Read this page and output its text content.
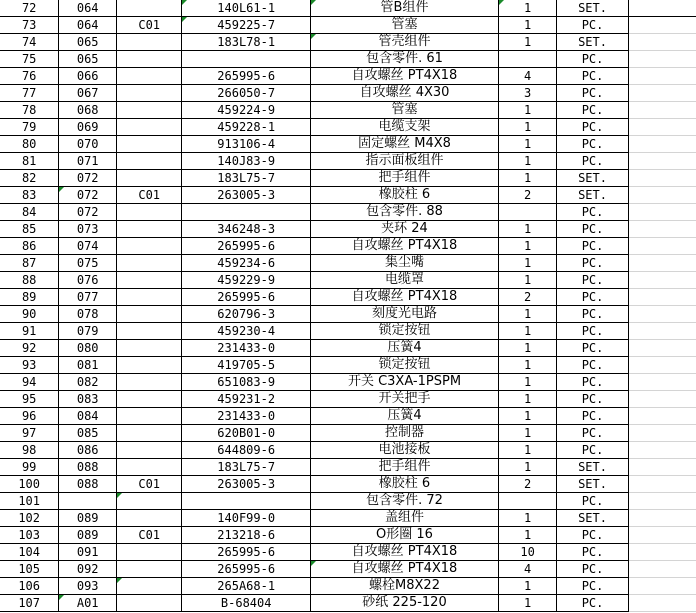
72	064		140L61-1	管B组件	1	SET.	
73	064	C01	459225-7	管塞	1	PC.	
74	065		183L78-1	管壳组件	1	SET.	
75	065			包含零件. 61		PC.	
76	066		265995-6	自攻螺丝 PT4X18	4	PC.	
77	067		266050-7	自攻螺丝 4X30	3	PC.	
78	068		459224-9	管塞	1	PC.	
79	069		459228-1	电缆支架	1	PC.	
80	070		913106-4	固定螺丝 M4X8	1	PC.	
81	071		140J83-9	指示面板组件	1	PC.	
82	072		183L75-7	把手组件	1	SET.	
83	072	C01	263005-3	橡胶柱 6	2	SET.	
84	072			包含零件. 88		PC.	
85	073		346248-3	夹环 24	1	PC.	
86	074		265995-6	自攻螺丝 PT4X18	1	PC.	
87	075		459234-6	集尘嘴	1	PC.	
88	076		459229-9	电缆罩	1	PC.	
89	077		265995-6	自攻螺丝 PT4X18	2	PC.	
90	078		620796-3	刻度光电路	1	PC.	
91	079		459230-4	锁定按钮	1	PC.	
92	080		231433-0	压簧4	1	PC.	
93	081		419705-5	锁定按钮	1	PC.	
94	082		651083-9	开关 C3XA-1PSPM	1	PC.	
95	083		459231-2	开关把手	1	PC.	
96	084		231433-0	压簧4	1	PC.	
97	085		620B01-0	控制器	1	PC.	
98	086		644809-6	电池接板	1	PC.	
99	088		183L75-7	把手组件	1	SET.	
100	088	C01	263005-3	橡胶柱 6	2	SET.	
101				包含零件. 72		PC.	
102	089		140F99-0	盖组件	1	SET.	
103	089	C01	213218-6	O形圈 16	1	PC.	
104	091		265995-6	自攻螺丝 PT4X18	10	PC.	
105	092		265995-6	自攻螺丝 PT4X18	4	PC.	
106	093		265A68-1	螺栓M8X22	1	PC.	
107	A01		B-68404	砂纸 225-120	1	PC.	
